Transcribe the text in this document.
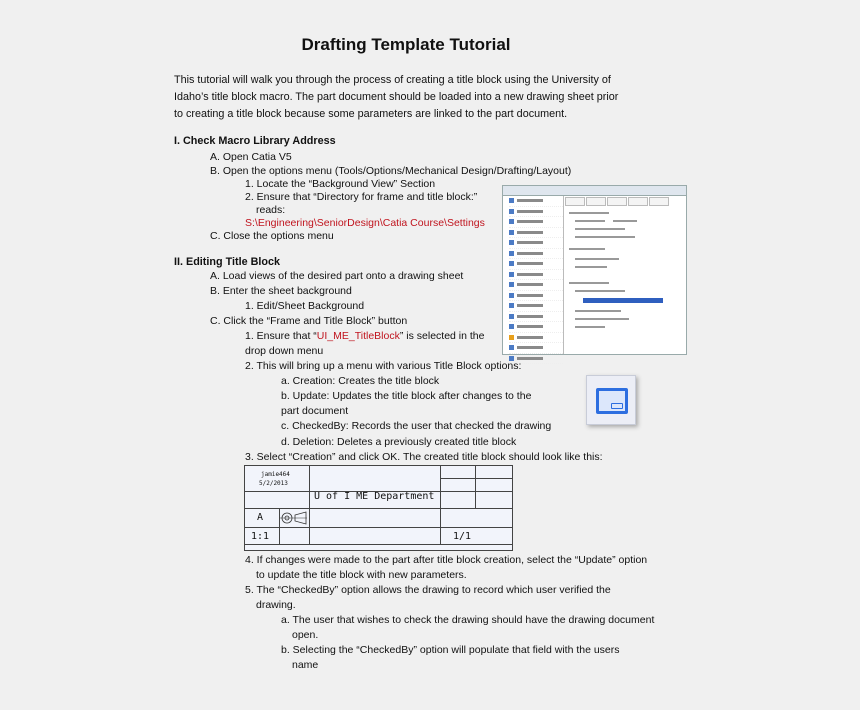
Drafting Template Tutorial
This tutorial will walk you through the process of creating a title block using the University of
Idaho’s title block macro. The part document should be loaded into a new drawing sheet prior
to creating a title block because some parameters are linked to the part document.
I. Check Macro Library Address
A. Open Catia V5
B. Open the options menu (Tools/Options/Mechanical Design/Drafting/Layout)
1. Locate the “Background View” Section
2. Ensure that “Directory for frame and title block:”
reads:
S:\Engineering\SeniorDesign\Catia Course\Settings
C. Close the options menu
II. Editing Title Block
A. Load views of the desired part onto a drawing sheet
B. Enter the sheet background
1. Edit/Sheet Background
C. Click the “Frame and Title Block” button
1. Ensure that “UI_ME_TitleBlock” is selected in the
drop down menu
2. This will bring up a menu with various Title Block options:
a. Creation: Creates the title block
b. Update: Updates the title block after changes to the
part document
c. CheckedBy: Records the user that checked the drawing
d. Deletion: Deletes a previously created title block
3. Select “Creation” and click OK. The created title block should look like this:
jamie464
5/2/2013
U of I ME Department
A
1:1	1/1
4. If changes were made to the part after title block creation, select the “Update” option
to update the title block with new parameters.
5. The “CheckedBy” option allows the drawing to record which user verified the
drawing.
a. The user that wishes to check the drawing should have the drawing document
open.
b. Selecting the “CheckedBy” option will populate that field with the users
name
